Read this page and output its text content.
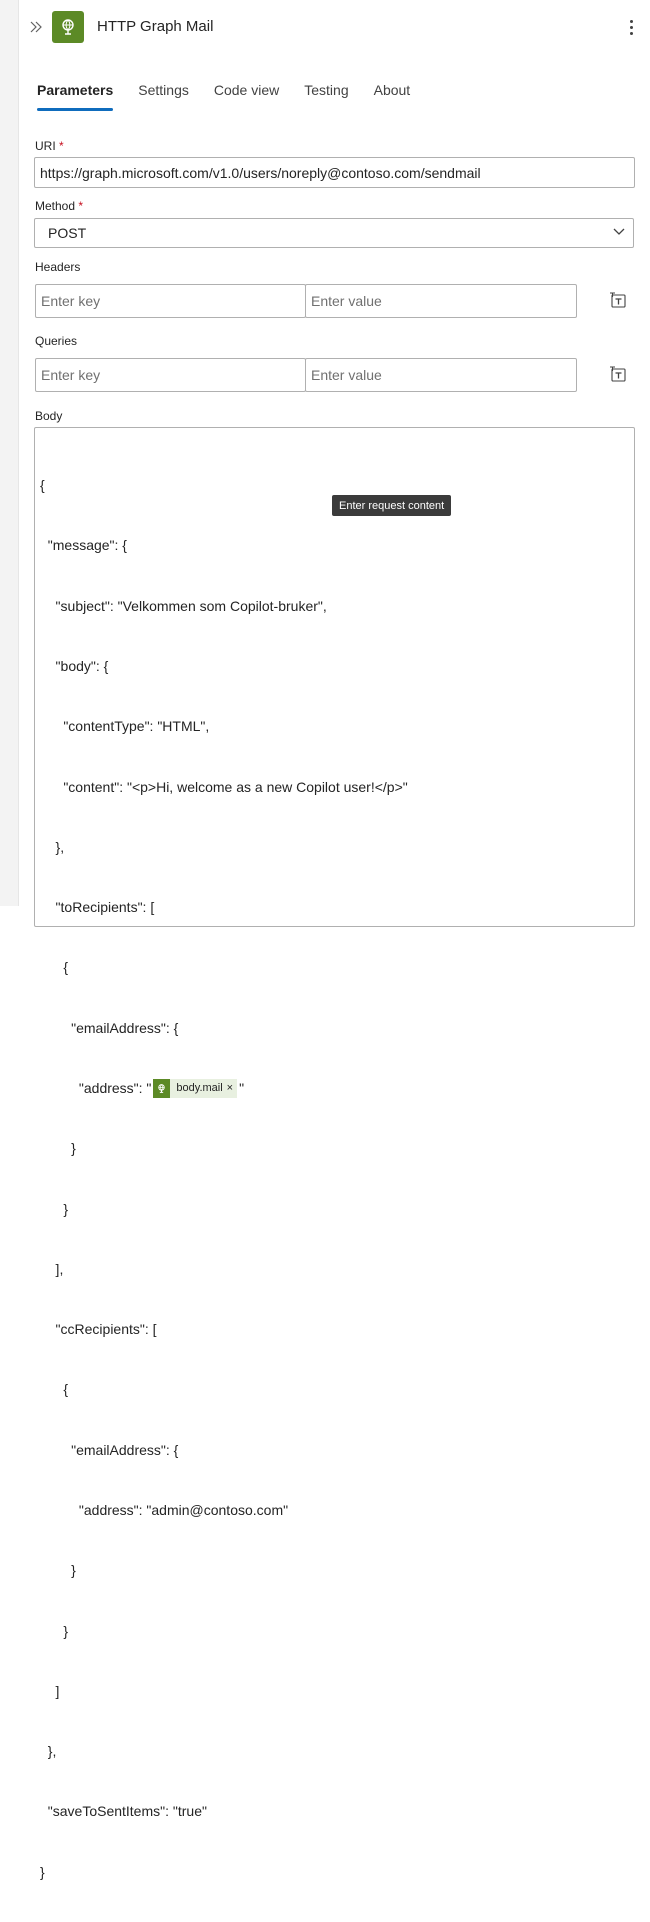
HTTP Graph Mail
Parameters Settings Code view Testing About
URI *
https://graph.microsoft.com/v1.0/users/noreply@contoso.com/sendmail
Method *
POST
Headers
Enter key	Enter value
Queries
Enter key	Enter value
Body

{

"message": {

"subject": "Velkommen som Copilot-bruker",

"body": {

"contentType": "HTML",

"content": "<p>Hi, welcome as a new Copilot user!</p>"

},

"toRecipients": [

{

"emailAddress": {

"address": " body.mail × "

}

}

],

"ccRecipients": [

{

"emailAddress": {

"address": "admin@contoso.com"

}

}

]

},

"saveToSentItems": "true"

}

Enter request content
